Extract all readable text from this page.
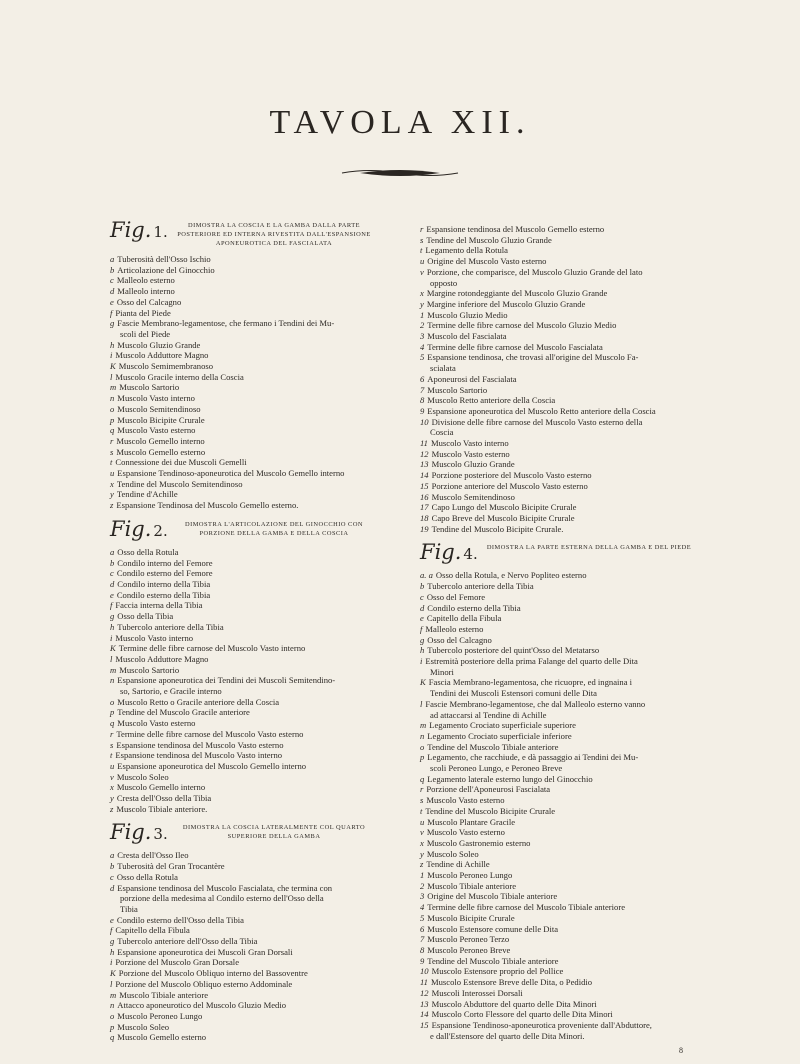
TAVOLA XII.
Fig. 1.	DIMOSTRA LA COSCIA E LA GAMBA DALLA PARTE POSTERIORE ED INTERNA RIVESTITA DALL'ESPANSIONE APONEUROTICA DEL FASCIALATA
a Tuberosità dell'Osso Ischio
b Articolazione del Ginocchio
c Malleolo esterno
d Malleolo interno
e Osso del Calcagno
f Pianta del Piede
g Fascie Membrano-legamentose, che fermano i Tendini dei Mu-
scoli del Piede
h Muscolo Gluzio Grande
i Muscolo Adduttore Magno
K Muscolo Semimembranoso
l Muscolo Gracile interno della Coscia
m Muscolo Sartorio
n Muscolo Vasto interno
o Muscolo Semitendinoso
p Muscolo Bicipite Crurale
q Muscolo Vasto esterno
r Muscolo Gemello interno
s Muscolo Gemello esterno
t Connessione dei due Muscoli Gemelli
u Espansione Tendinoso-aponeurotica del Muscolo Gemello interno
x Tendine del Muscolo Semitendinoso
y Tendine d'Achille
z Espansione Tendinosa del Muscolo Gemello esterno.
Fig. 2.	DIMOSTRA L'ARTICOLAZIONE DEL GINOCCHIO CON PORZIONE DELLA GAMBA E DELLA COSCIA
a Osso della Rotula
b Condilo interno del Femore
c Condilo esterno del Femore
d Condilo interno della Tibia
e Condilo esterno della Tibia
f Faccia interna della Tibia
g Osso della Tibia
h Tubercolo anteriore della Tibia
i Muscolo Vasto interno
K Termine delle fibre carnose del Muscolo Vasto interno
l Muscolo Adduttore Magno
m Muscolo Sartorio
n Espansione aponeurotica dei Tendini dei Muscoli Semitendino-
so, Sartorio, e Gracile interno
o Muscolo Retto o Gracile anteriore della Coscia
p Tendine del Muscolo Gracile anteriore
q Muscolo Vasto esterno
r Termine delle fibre carnose del Muscolo Vasto esterno
s Espansione tendinosa del Muscolo Vasto esterno
t Espansione tendinosa del Muscolo Vasto interno
u Espansione aponeurotica del Muscolo Gemello interno
v Muscolo Soleo
x Muscolo Gemello interno
y Cresta dell'Osso della Tibia
z Muscolo Tibiale anteriore.
Fig. 3.	DIMOSTRA LA COSCIA LATERALMENTE COL QUARTO SUPERIORE DELLA GAMBA
a Cresta dell'Osso Ileo
b Tuberosità del Gran Trocantère
c Osso della Rotula
d Espansione tendinosa del Muscolo Fascialata, che termina con
porzione della medesima al Condilo esterno dell'Osso della
Tibia
e Condilo esterno dell'Osso della Tibia
f Capitello della Fibula
g Tubercolo anteriore dell'Osso della Tibia
h Espansione aponeurotica dei Muscoli Gran Dorsali
i Porzione del Muscolo Gran Dorsale
K Porzione del Muscolo Obliquo interno del Bassoventre
l Porzione del Muscolo Obliquo esterno Addominale
m Muscolo Tibiale anteriore
n Attacco aponeurotico del Muscolo Gluzio Medio
o Muscolo Peroneo Lungo
p Muscolo Soleo
q Muscolo Gemello esterno
r Espansione tendinosa del Muscolo Gemello esterno
s Tendine del Muscolo Gluzio Grande
t Legamento della Rotula
u Origine del Muscolo Vasto esterno
v Porzione, che comparisce, del Muscolo Gluzio Grande del lato
opposto
x Margine rotondeggiante del Muscolo Gluzio Grande
y Margine inferiore del Muscolo Gluzio Grande
1 Muscolo Gluzio Medio
2 Termine delle fibre carnose del Muscolo Gluzio Medio
3 Muscolo del Fascialata
4 Termine delle fibre carnose del Muscolo Fascialata
5 Espansione tendinosa, che trovasi all'origine del Muscolo Fa-
scialata
6 Aponeurosi del Fascialata
7 Muscolo Sartorio
8 Muscolo Retto anteriore della Coscia
9 Espansione aponeurotica del Muscolo Retto anteriore della Coscia
10 Divisione delle fibre carnose del Muscolo Vasto esterno della
Coscia
11 Muscolo Vasto interno
12 Muscolo Vasto esterno
13 Muscolo Gluzio Grande
14 Porzione posteriore del Muscolo Vasto esterno
15 Porzione anteriore del Muscolo Vasto esterno
16 Muscolo Semitendinoso
17 Capo Lungo del Muscolo Bicipite Crurale
18 Capo Breve del Muscolo Bicipite Crurale
19 Tendine del Muscolo Bicipite Crurale.
Fig. 4.	DIMOSTRA LA PARTE ESTERNA DELLA GAMBA E DEL PIEDE
a. a Osso della Rotula, e Nervo Popliteo esterno
b Tubercolo anteriore della Tibia
c Osso del Femore
d Condilo esterno della Tibia
e Capitello della Fibula
f Malleolo esterno
g Osso del Calcagno
h Tubercolo posteriore del quint'Osso del Metatarso
i Estremità posteriore della prima Falange del quarto delle Dita
Minori
K Fascia Membrano-legamentosa, che ricuopre, ed ingnaina i
Tendini dei Muscoli Estensori comuni delle Dita
l Fascie Membrano-legamentose, che dal Malleolo esterno vanno
ad attaccarsi al Tendine di Achille
m Legamento Crociato superficiale superiore
n Legamento Crociato superficiale inferiore
o Tendine del Muscolo Tibiale anteriore
p Legamento, che racchiude, e dà passaggio ai Tendini dei Mu-
scoli Peroneo Lungo, e Peroneo Breve
q Legamento laterale esterno lungo del Ginocchio
r Porzione dell'Aponeurosi Fascialata
s Muscolo Vasto esterno
t Tendine del Muscolo Bicipite Crurale
u Muscolo Plantare Gracile
v Muscolo Vasto esterno
x Muscolo Gastronemio esterno
y Muscolo Soleo
z Tendine di Achille
1 Muscolo Peroneo Lungo
2 Muscolo Tibiale anteriore
3 Origine del Muscolo Tibiale anteriore
4 Termine delle fibre carnose del Muscolo Tibiale anteriore
5 Muscolo Bicipite Crurale
6 Muscolo Estensore comune delle Dita
7 Muscolo Peroneo Terzo
8 Muscolo Peroneo Breve
9 Tendine del Muscolo Tibiale anteriore
10 Muscolo Estensore proprio del Pollice
11 Muscolo Estensore Breve delle Dita, o Pedidio
12 Muscoli Interossei Dorsali
13 Muscolo Abduttore del quarto delle Dita Minori
14 Muscolo Corto Flessore del quarto delle Dita Minori
15 Espansione Tendinoso-aponeurotica proveniente dall'Abduttore,
e dall'Estensore del quarto delle Dita Minori.
8
